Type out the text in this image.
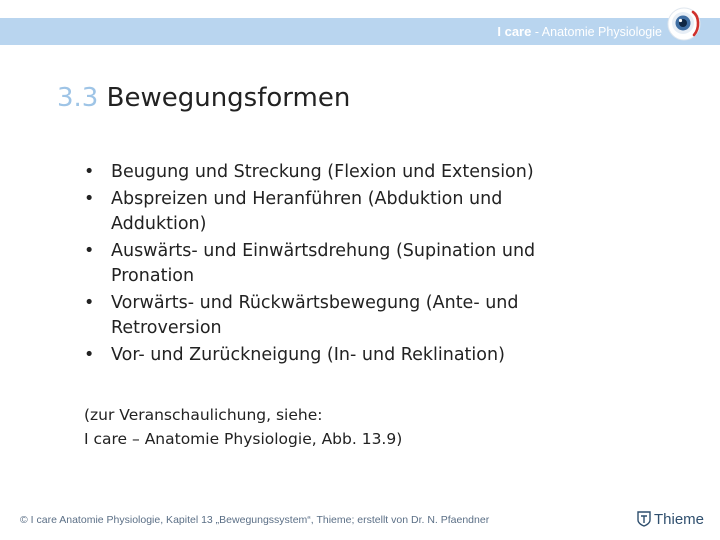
I care - Anatomie Physiologie
3.3 Bewegungsformen
• Beugung und Streckung (Flexion und Extension)
• Abspreizen und Heranführen (Abduktion und
Adduktion)
• Auswärts- und Einwärtsdrehung (Supination und
Pronation
• Vorwärts- und Rückwärtsbewegung (Ante- und
Retroversion
• Vor- und Zurückneigung (In- und Reklination)
(zur Veranschaulichung, siehe:
I care – Anatomie Physiologie, Abb. 13.9)
© I care Anatomie Physiologie, Kapitel 13 „Bewegungssystem“, Thieme; erstellt von Dr. N. Pfaendner	Thieme
